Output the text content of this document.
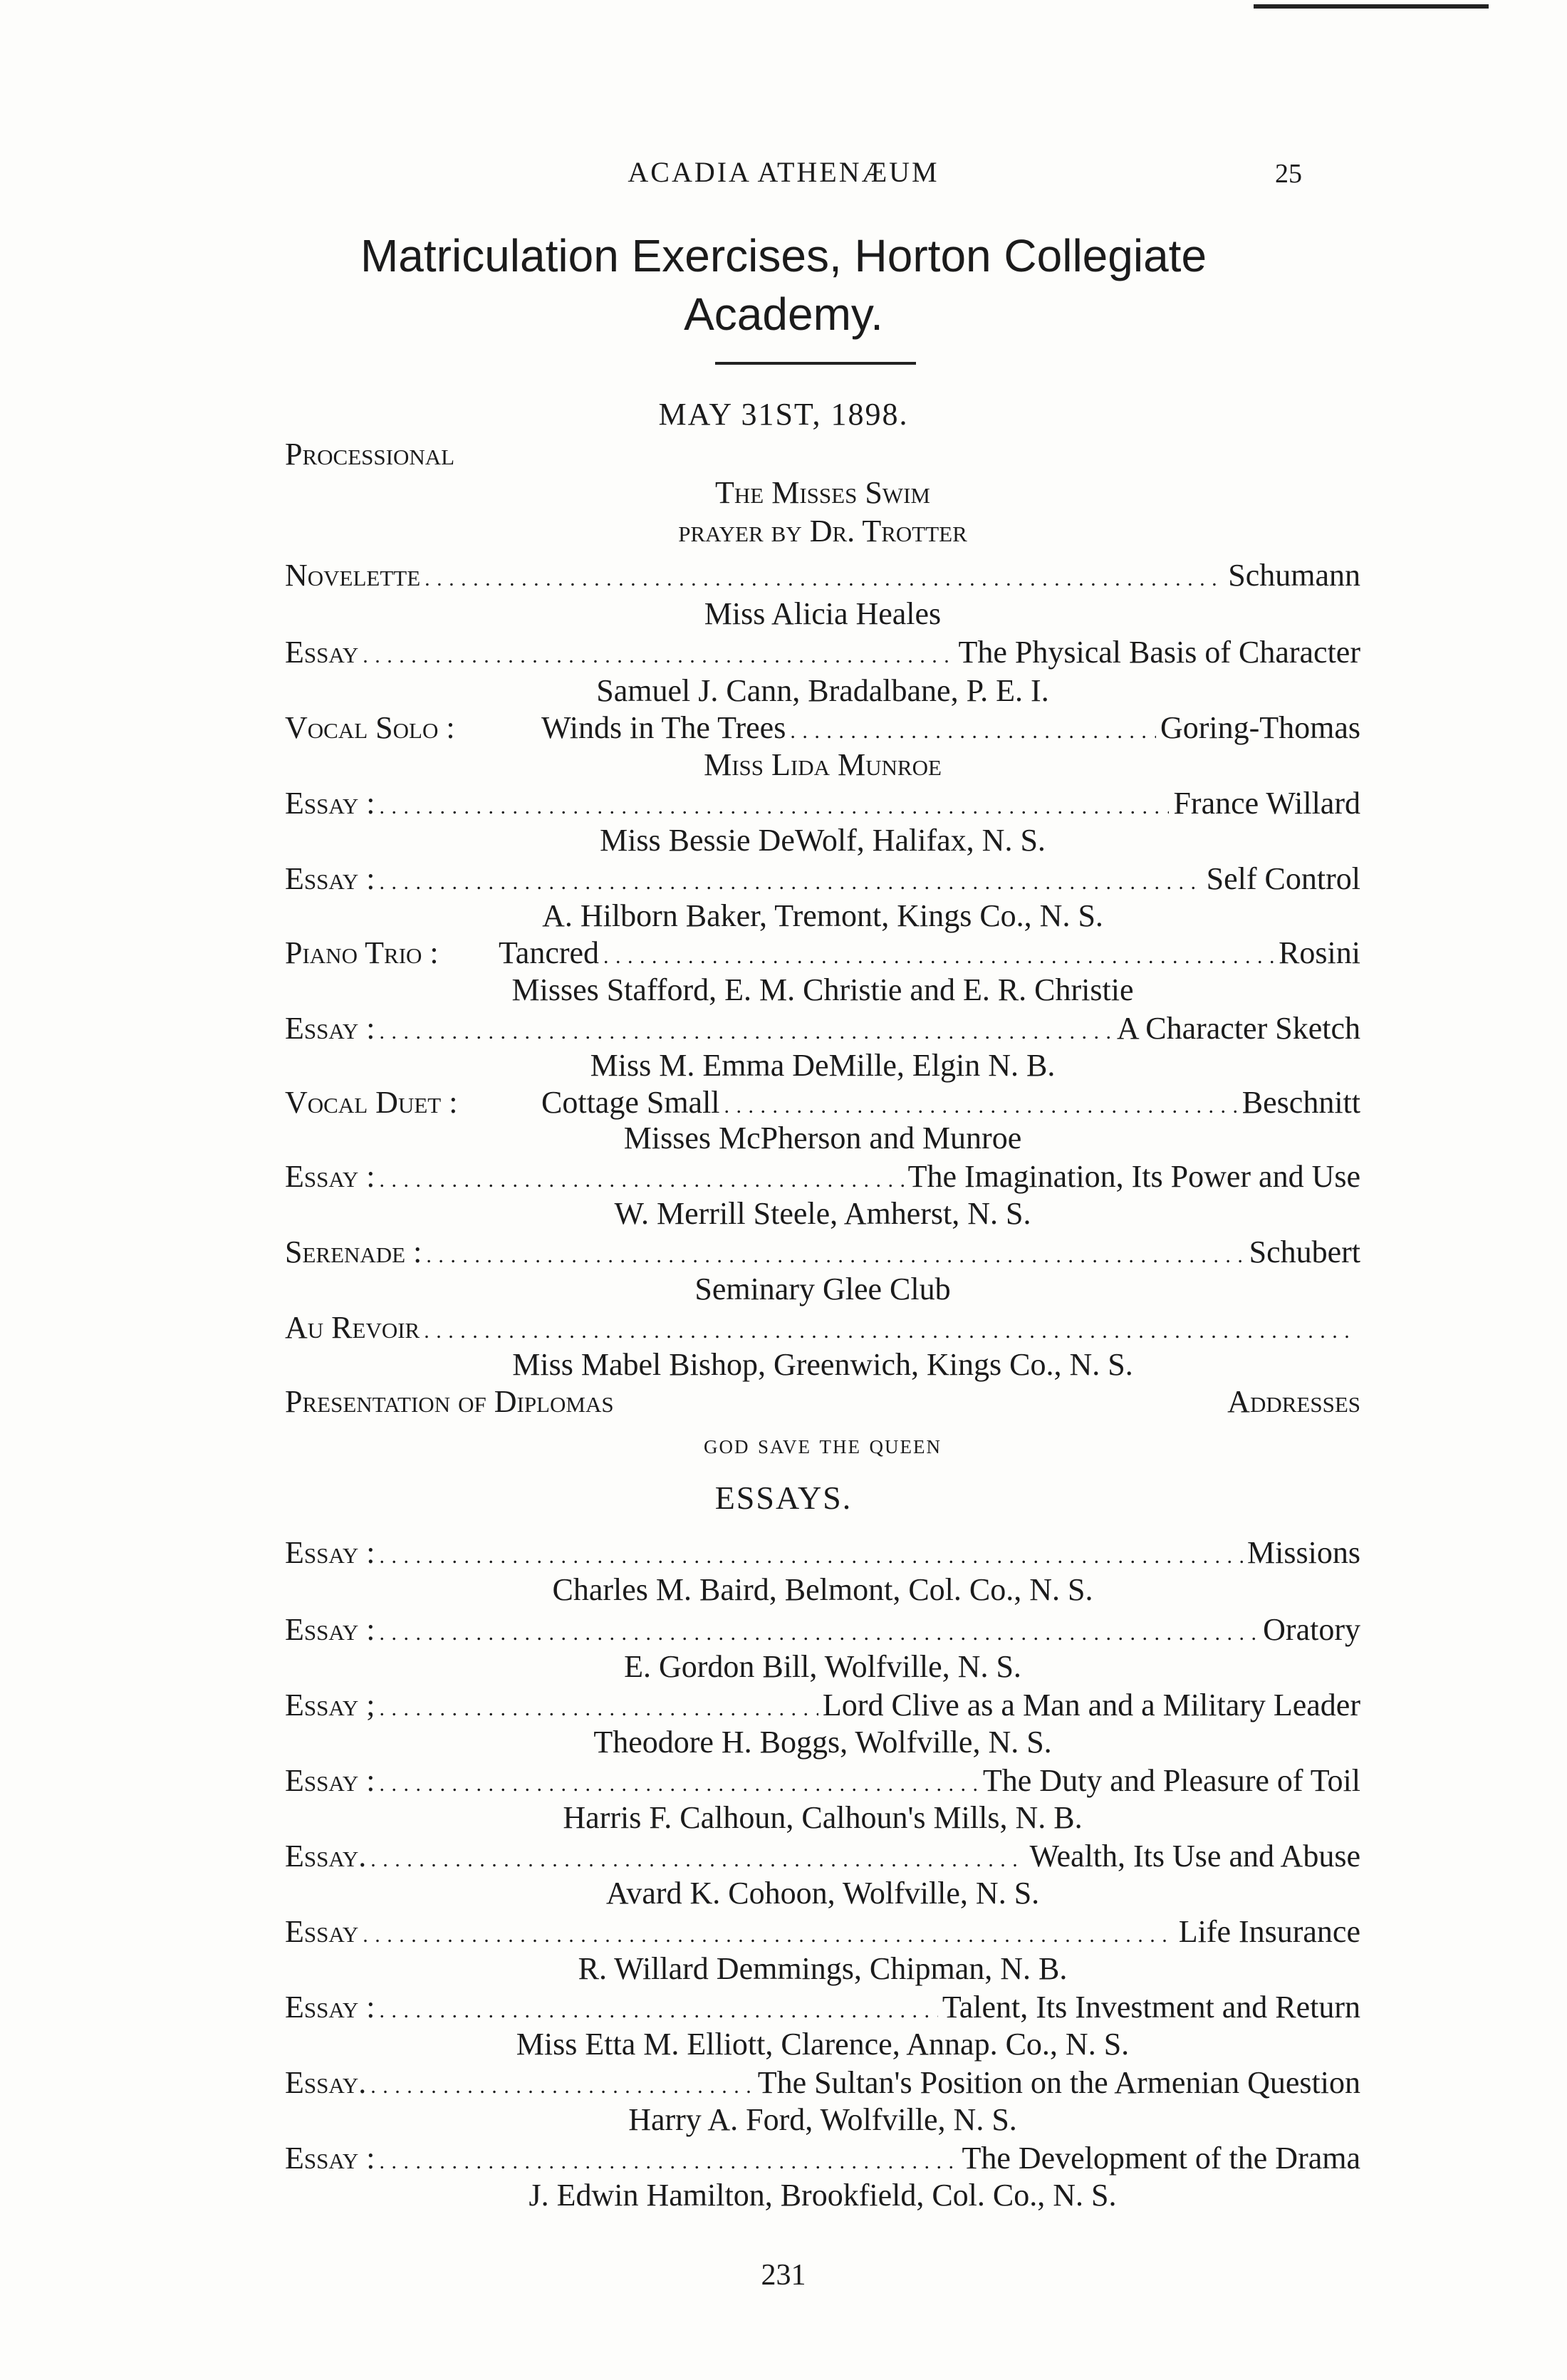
ACADIA ATHENÆUM	25
Matriculation Exercises, Horton Collegiate
Academy.
MAY 31ST, 1898.
Processional
The Misses Swim
prayer by Dr. Trotter
Novelette . . .	Schumann
Miss Alicia Heales
Essay . . .	The Physical Basis of Character
Samuel J. Cann, Bradalbane, P. E. I.
Vocal Solo :	Winds in The Trees . . .	Goring-Thomas
Miss Lida Munroe
Essay : . . .	France Willard
Miss Bessie DeWolf, Halifax, N. S.
Essay : . . .	Self Control
A. Hilborn Baker, Tremont, Kings Co., N. S.
Piano Trio :	Tancred . . .	Rosini
Misses Stafford, E. M. Christie and E. R. Christie
Essay : . . .	A Character Sketch
Miss M. Emma DeMille, Elgin N. B.
Vocal Duet :	Cottage Small . . .	Beschnitt
Misses McPherson and Munroe
Essay : . . .	The Imagination, Its Power and Use
W. Merrill Steele, Amherst, N. S.
Serenade : . . .	Schubert
Seminary Glee Club
Au Revoir
. . .
Miss Mabel Bishop, Greenwich, Kings Co., N. S.
Presentation of Diplomas	Addresses
god save the queen
ESSAYS.
Essay : . . .	Missions
Charles M. Baird, Belmont, Col. Co., N. S.
Essay : . . .	Oratory
E. Gordon Bill, Wolfville, N. S.
Essay ; . . .	Lord Clive as a Man and a Military Leader
Theodore H. Boggs, Wolfville, N. S.
Essay : . . .	The Duty and Pleasure of Toil
Harris F. Calhoun, Calhoun's Mills, N. B.
Essay. . . .	Wealth, Its Use and Abuse
Avard K. Cohoon, Wolfville, N. S.
Essay . . .	Life Insurance
R. Willard Demmings, Chipman, N. B.
Essay : . . .	Talent, Its Investment and Return
Miss Etta M. Elliott, Clarence, Annap. Co., N. S.
Essay. . . .	The Sultan's Position on the Armenian Question
Harry A. Ford, Wolfville, N. S.
Essay : . . .	The Development of the Drama
J. Edwin Hamilton, Brookfield, Col. Co., N. S.
231
